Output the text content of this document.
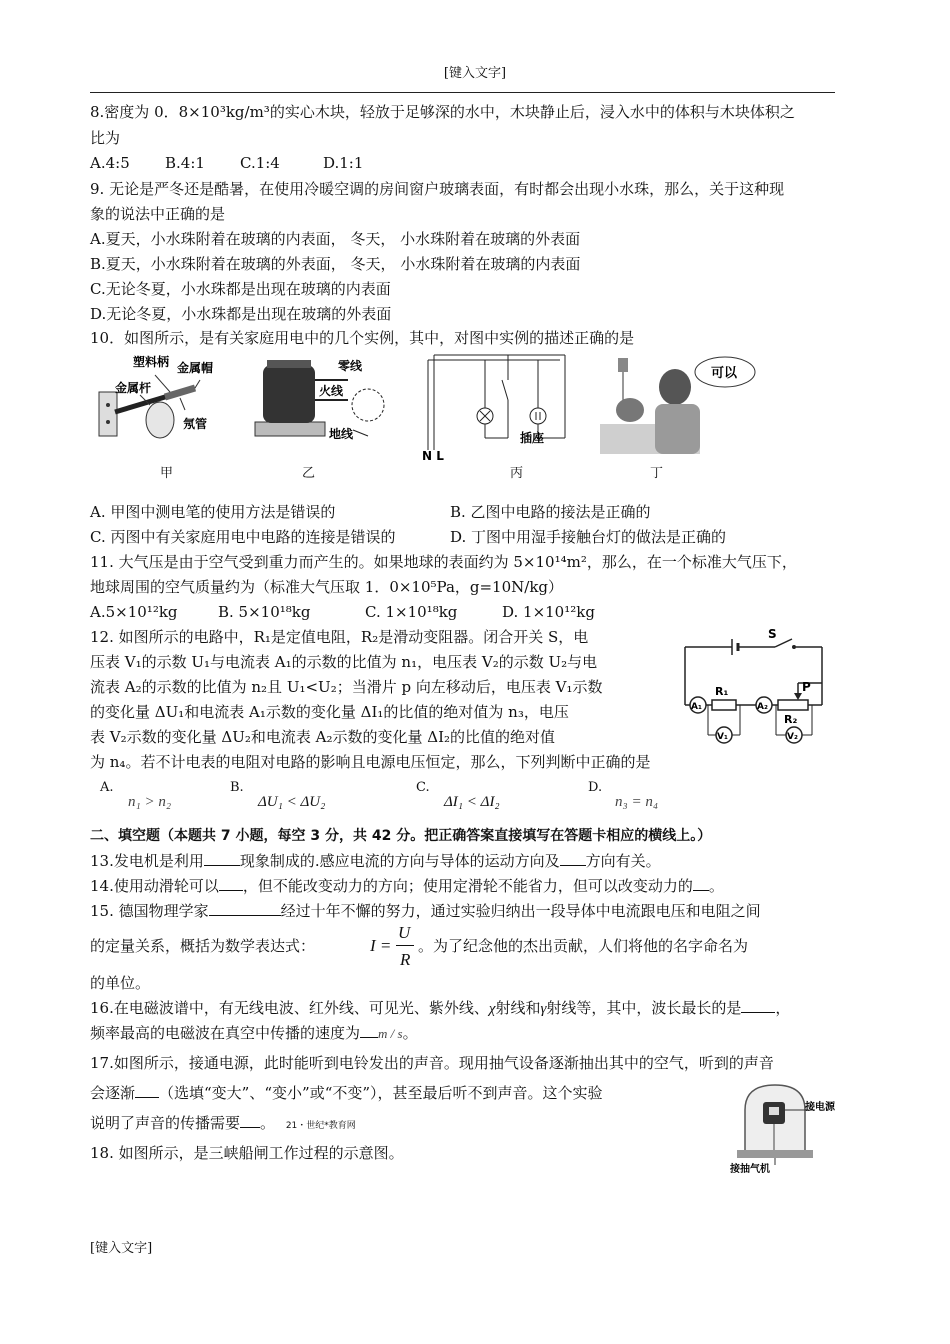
[键入文字]
8.密度为 0．8×10³kg/m³的实心木块，轻放于足够深的水中，木块静止后，浸入水中的体积与木块体积之
比为
A.4:5 B.4:1 C.1:4	D.1:1
9. 无论是严冬还是酷暑，在使用冷暖空调的房间窗户玻璃表面，有时都会出现小水珠，那么，关于这种现
象的说法中正确的是
A.夏天，小水珠附着在玻璃的内表面， 冬天， 小水珠附着在玻璃的外表面
B.夏天，小水珠附着在玻璃的外表面， 冬天， 小水珠附着在玻璃的内表面
C.无论冬夏，小水珠都是出现在玻璃的内表面
D.无论冬夏，小水珠都是出现在玻璃的外表面
10．如图所示，是有关家庭用电中的几个实例，其中，对图中实例的描述正确的是
塑料柄 金属帽
金属杆
氖管
甲
零线
火线
地线
乙
插座
N L
丙
可以
丁
A. 甲图中测电笔的使用方法是错误的	B. 乙图中电路的接法是正确的
C. 丙图中有关家庭用电中电路的连接是错误的	D. 丁图中用湿手接触台灯的做法是正确的
11. 大气压是由于空气受到重力而产生的。如果地球的表面约为 5×10¹⁴m²，那么，在一个标准大气压下，
地球周围的空气质量约为（标准大气压取 1．0×10⁵Pa，g=10N/kg）
A.5×10¹²kg	B. 5×10¹⁸kg	C. 1×10¹⁸kg	D. 1×10¹²kg
12. 如图所示的电路中，R₁是定值电阻，R₂是滑动变阻器。闭合开关 S，电
压表 V₁的示数 U₁与电流表 A₁的示数的比值为 n₁，电压表 V₂的示数 U₂与电
流表 A₂的示数的比值为 n₂且 U₁<U₂；当滑片 p 向左移动后，电压表 V₁示数
的变化量 ΔU₁和电流表 A₁示数的变化量 ΔI₁的比值的绝对值为 n₃，电压
表 V₂示数的变化量 ΔU₂和电流表 A₂示数的变化量 ΔI₂的比值的绝对值
为 n₄。若不计电表的电阻对电路的影响且电源电压恒定，那么，下列判断中正确的是
S
R₁
R₂
P
A₁	A₂
V₁	V₂
A.
n₁ > n₂
B.
ΔU₁ < ΔU₂
C.
ΔI₁ < ΔI₂
D.
n₃ = n₄
二、填空题（本题共 7 小题，每空 3 分，共 42 分。把正确答案直接填写在答题卡相应的横线上。）
13.发电机是利用 现象制成的.感应电流的方向与导体的运动方向及 方向有关。
14.使用动滑轮可以 ，但不能改变动力的方向；使用定滑轮不能省力，但可以改变动力的 。
15. 德国物理学家	经过十年不懈的努力，通过实验归纳出一段导体中电流跟电压和电阻之间
的定量关系，概括为数学表达式：	I =
U
R
。为了纪念他的杰出贡献，人们将他的名字命名为
的单位。
16.在电磁波谱中，有无线电波、红外线、可见光、紫外线、χ射线和γ射线等，其中，波长最长的是 ，
频率最高的电磁波在真空中传播的速度为 m / s。
17.如图所示，接通电源，此时能听到电铃发出的声音。现用抽气设备逐渐抽出其中的空气，听到的声音
会逐渐 （选填“变大”、“变小”或“不变”），甚至最后听不到声音。这个实验
说明了声音的传播需要 。 21・世纪*教育网
接电源
接抽气机
18. 如图所示，是三峡船闸工作过程的示意图。
[键入文字]
